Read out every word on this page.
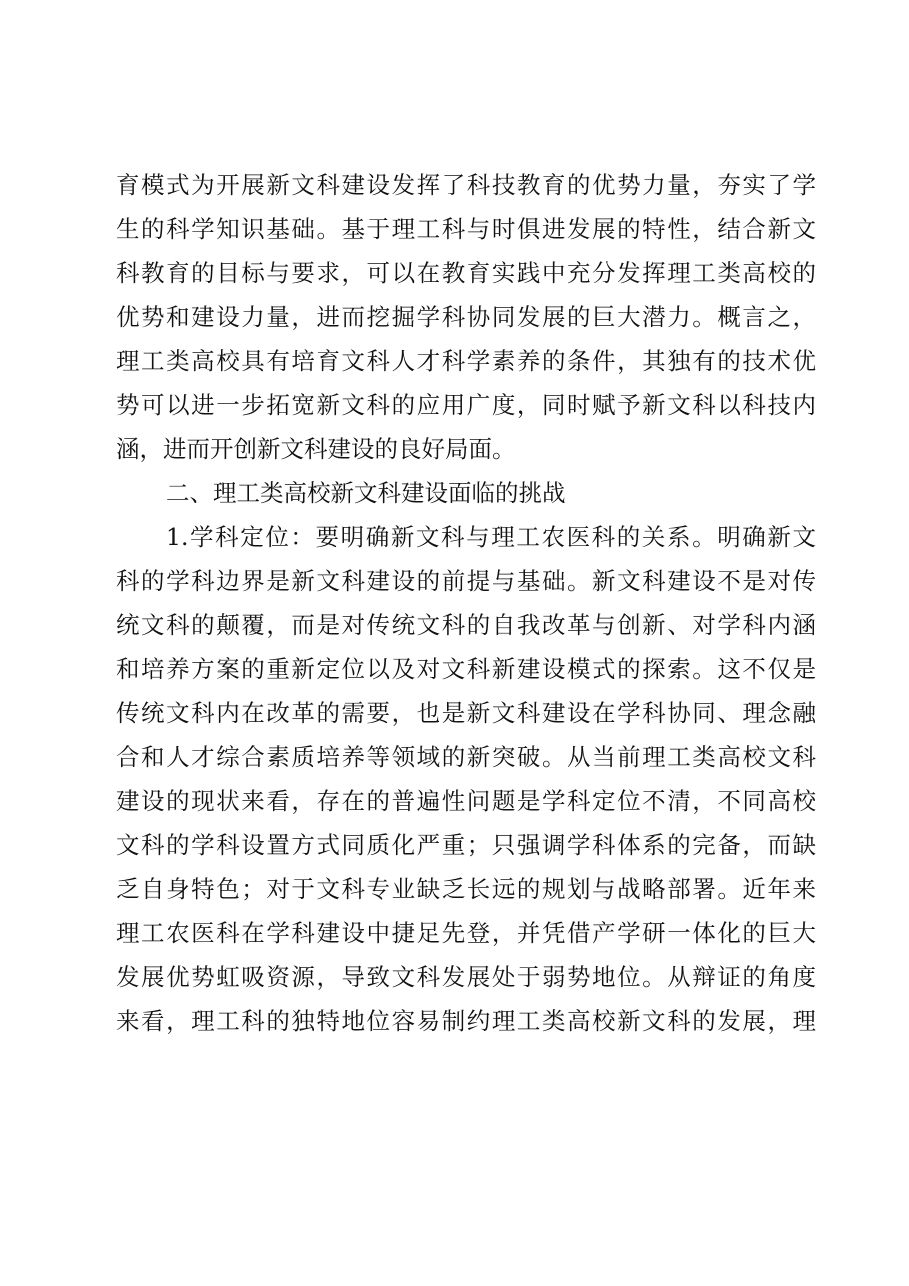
育模式为开展新文科建设发挥了科技教育的优势力量，夯实了学
生的科学知识基础。基于理工科与时俱进发展的特性，结合新文
科教育的目标与要求，可以在教育实践中充分发挥理工类高校的
优势和建设力量，进而挖掘学科协同发展的巨大潜力。概言之，
理工类高校具有培育文科人才科学素养的条件，其独有的技术优
势可以进一步拓宽新文科的应用广度，同时赋予新文科以科技内
涵，进而开创新文科建设的良好局面。
二、理工类高校新文科建设面临的挑战
1.学科定位：要明确新文科与理工农医科的关系。明确新文
科的学科边界是新文科建设的前提与基础。新文科建设不是对传
统文科的颠覆，而是对传统文科的自我改革与创新、对学科内涵
和培养方案的重新定位以及对文科新建设模式的探索。这不仅是
传统文科内在改革的需要，也是新文科建设在学科协同、理念融
合和人才综合素质培养等领域的新突破。从当前理工类高校文科
建设的现状来看，存在的普遍性问题是学科定位不清，不同高校
文科的学科设置方式同质化严重；只强调学科体系的完备，而缺
乏自身特色；对于文科专业缺乏长远的规划与战略部署。近年来
理工农医科在学科建设中捷足先登，并凭借产学研一体化的巨大
发展优势虹吸资源，导致文科发展处于弱势地位。从辩证的角度
来看，理工科的独特地位容易制约理工类高校新文科的发展，理
